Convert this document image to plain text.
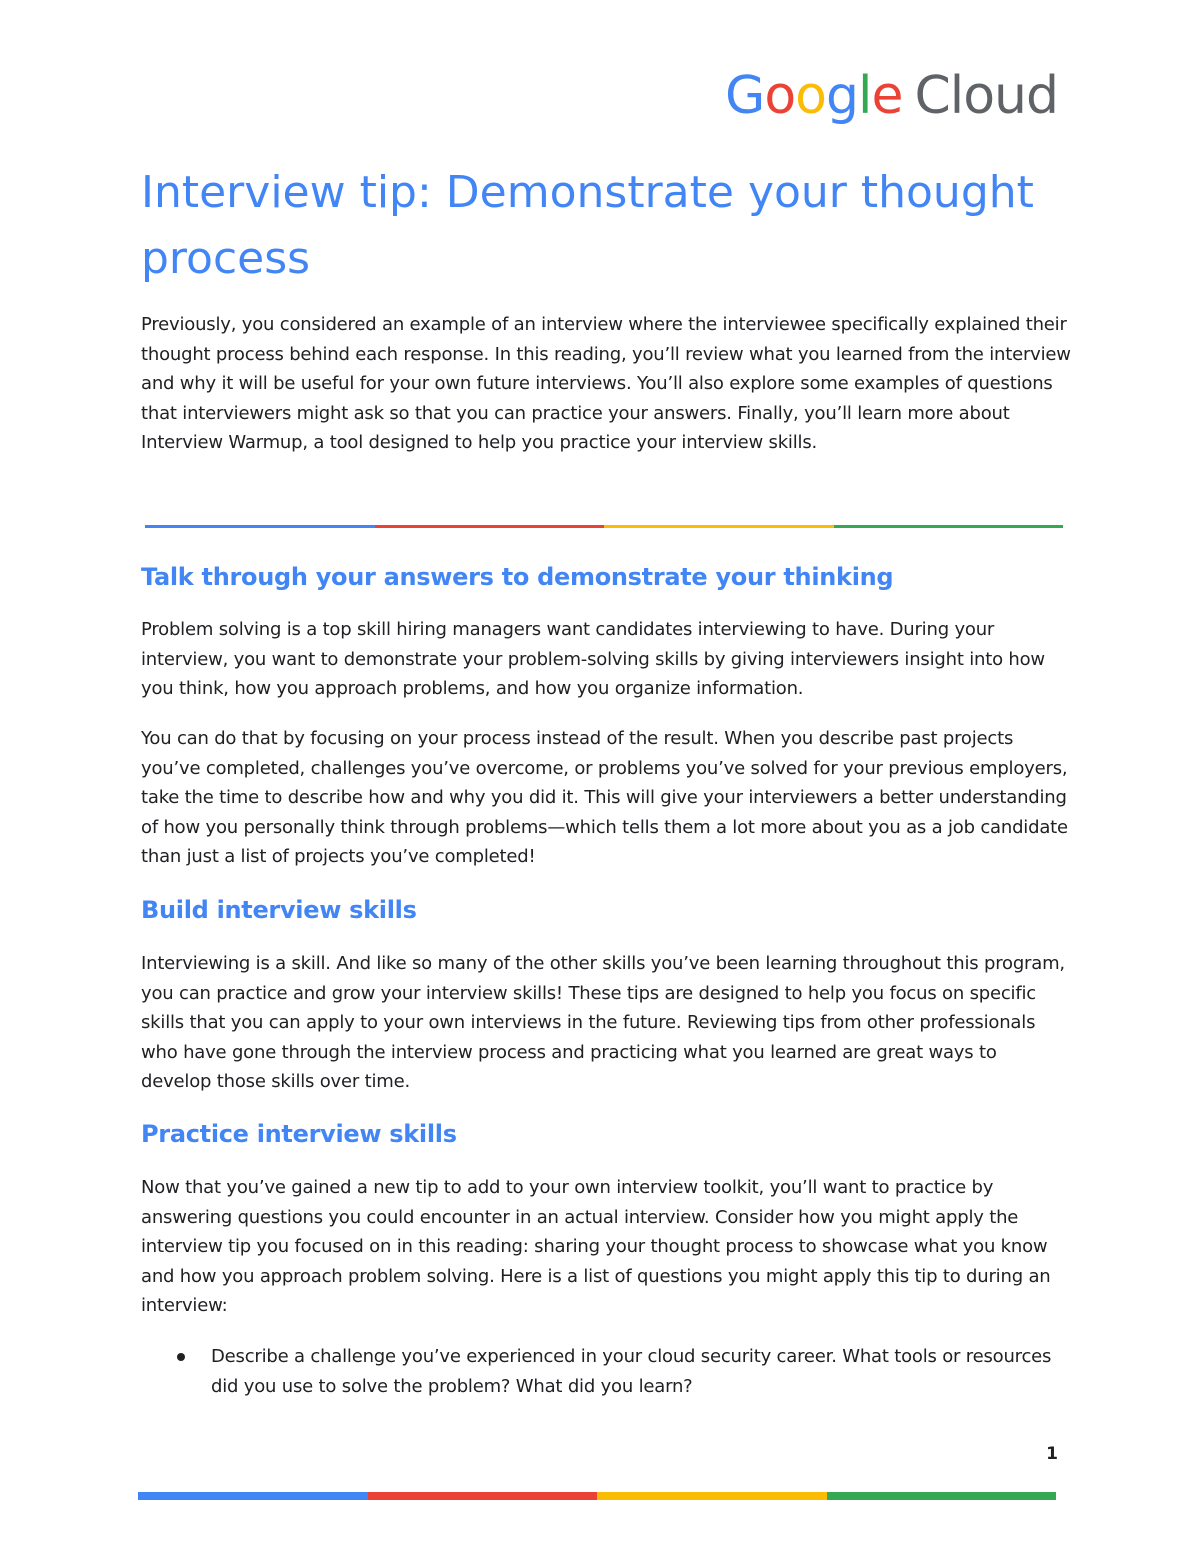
Google Cloud
Interview tip: Demonstrate your thought process

Previously, you considered an example of an interview where the interviewee specifically explained their thought process behind each response. In this reading, you’ll review what you learned from the interview and why it will be useful for your own future interviews. You’ll also explore some examples of questions that interviewers might ask so that you can practice your answers. Finally, you’ll learn more about Interview Warmup, a tool designed to help you practice your interview skills.

Talk through your answers to demonstrate your thinking

Problem solving is a top skill hiring managers want candidates interviewing to have. During your interview, you want to demonstrate your problem-solving skills by giving interviewers insight into how you think, how you approach problems, and how you organize information.

You can do that by focusing on your process instead of the result. When you describe past projects you’ve completed, challenges you’ve overcome, or problems you’ve solved for your previous employers, take the time to describe how and why you did it. This will give your interviewers a better understanding of how you personally think through problems—which tells them a lot more about you as a job candidate than just a list of projects you’ve completed!

Build interview skills

Interviewing is a skill. And like so many of the other skills you’ve been learning throughout this program, you can practice and grow your interview skills! These tips are designed to help you focus on specific skills that you can apply to your own interviews in the future. Reviewing tips from other professionals who have gone through the interview process and practicing what you learned are great ways to develop those skills over time.

Practice interview skills

Now that you’ve gained a new tip to add to your own interview toolkit, you’ll want to practice by answering questions you could encounter in an actual interview. Consider how you might apply the interview tip you focused on in this reading: sharing your thought process to showcase what you know and how you approach problem solving. Here is a list of questions you might apply this tip to during an interview:

Describe a challenge you’ve experienced in your cloud security career. What tools or resources did you use to solve the problem? What did you learn?
1
